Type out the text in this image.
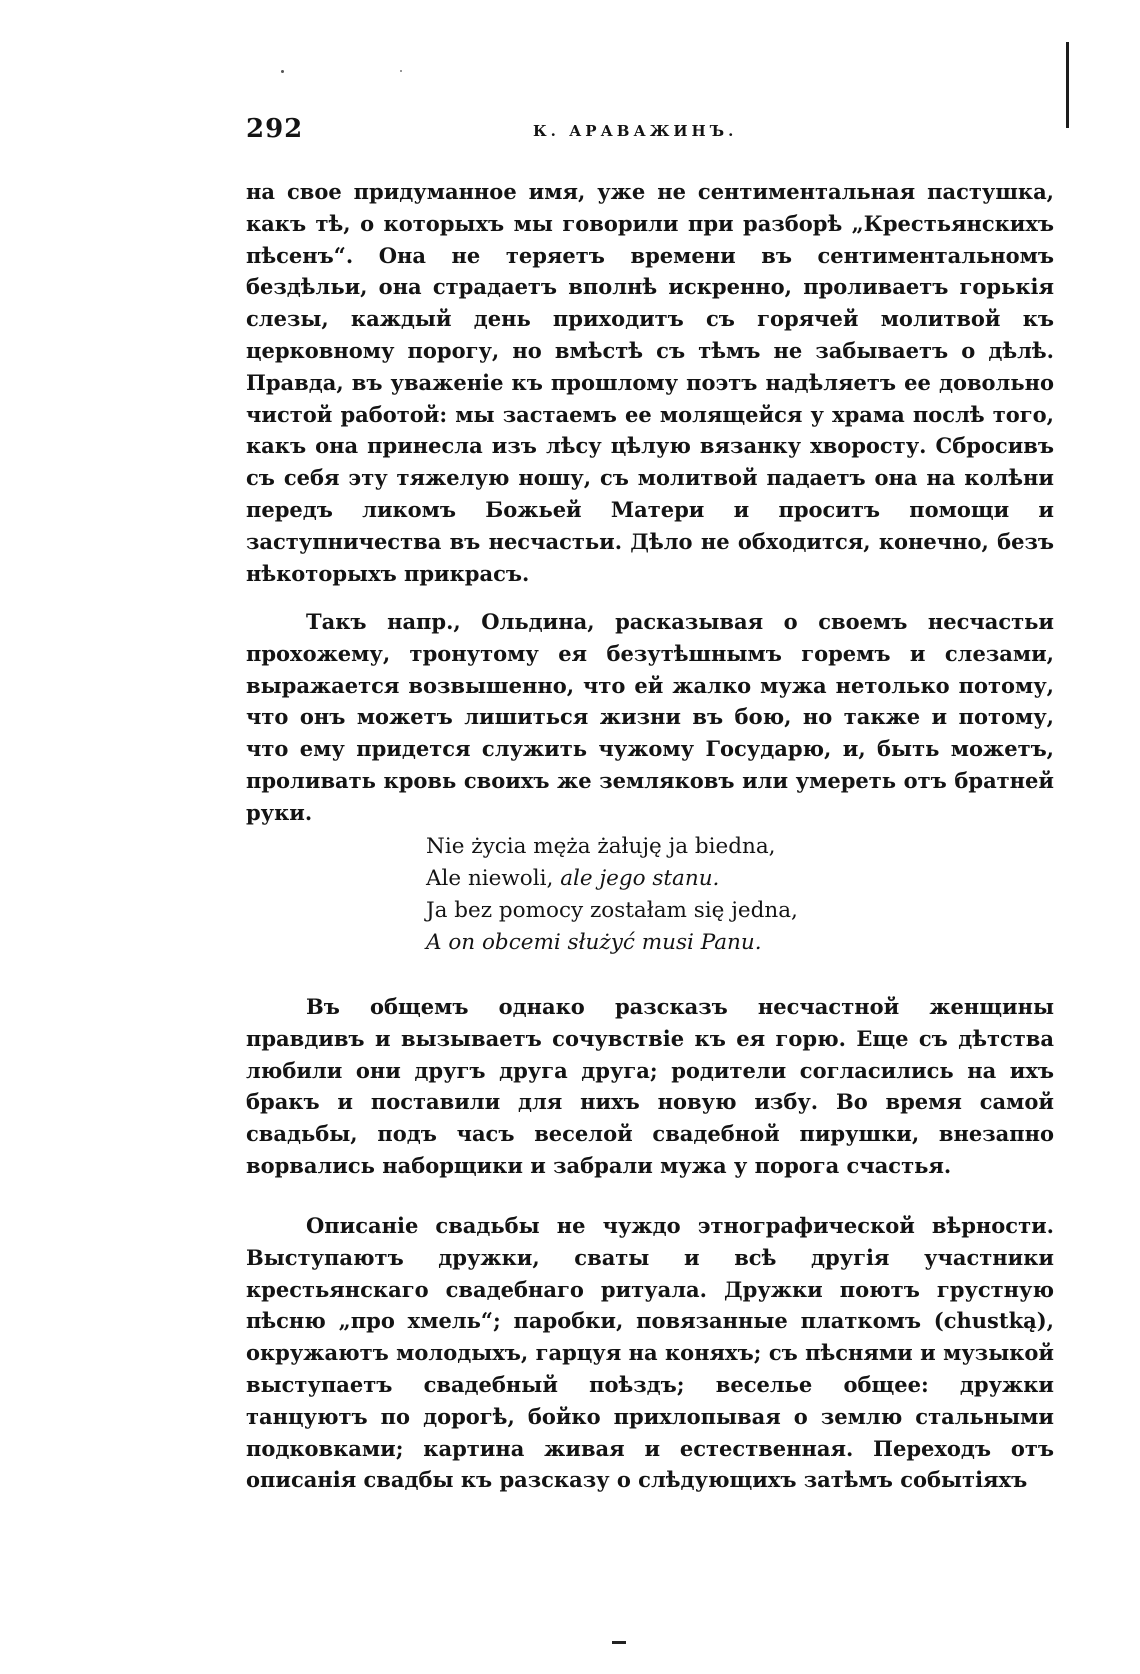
292	К. АРАВАЖИНЪ.

на свое придуманное имя, уже не сентиментальная пастушка, какъ тѣ, о которыхъ мы говорили при разборѣ „Крестьянскихъ пѣсенъ“. Она не теряетъ времени въ сентиментальномъ бездѣльи, она страдаетъ вполнѣ искренно, проливаетъ горькія слезы, каждый день приходитъ съ горячей молитвой къ церковному порогу, но вмѣстѣ съ тѣмъ не забываетъ о дѣлѣ. Правда, въ уваженіе къ прошлому поэтъ надѣляетъ ее довольно чистой работой: мы застаемъ ее молящейся у храма послѣ того, какъ она принесла изъ лѣсу цѣлую вязанку хворосту. Сбросивъ съ себя эту тяжелую ношу, съ молитвой падаетъ она на колѣни передъ ликомъ Божьей Матери и проситъ помощи и заступничества въ несчастьи. Дѣло не обходится, конечно, безъ нѣкоторыхъ прикрасъ.

Такъ напр., Ольдина, расказывая о своемъ несчастьи прохожему, тронутому ея безутѣшнымъ горемъ и слезами, выражается возвышенно, что ей жалко мужа нетолько потому, что онъ можетъ лишиться жизни въ бою, но также и потому, что ему придется служить чужому Государю, и, быть можетъ, проливать кровь своихъ же земляковъ или умереть отъ братней руки.

Nie życia męża żałuję ja biedna,
Ale niewoli, ale jego stanu.
Ja bez pomocy zostałam się jedna,
A on obcemi służyć musi Panu.

Въ общемъ однако разсказъ несчастной женщины правдивъ и вызываетъ сочувствіе къ ея горю. Еще съ дѣтства любили они другъ друга друга; родители согласились на ихъ бракъ и поставили для нихъ новую избу. Во время самой свадьбы, подъ часъ веселой свадебной пирушки, внезапно ворвались наборщики и забрали мужа у порога счастья.

Описаніе свадьбы не чуждо этнографической вѣрности. Выступаютъ дружки, сваты и всѣ другія участники крестьянскаго свадебнаго ритуала. Дружки поютъ грустную пѣсню „про хмель“; паробки, повязанные платкомъ (chustką), окружаютъ молодыхъ, гарцуя на коняхъ; съ пѣснями и музыкой выступаетъ свадебный поѣздъ; веселье общее: дружки танцуютъ по дорогѣ, бойко прихлопывая о землю стальными подковками; картина живая и естественная. Переходъ отъ описанія свадбы къ разсказу о слѣдующихъ затѣмъ событіяхъ
